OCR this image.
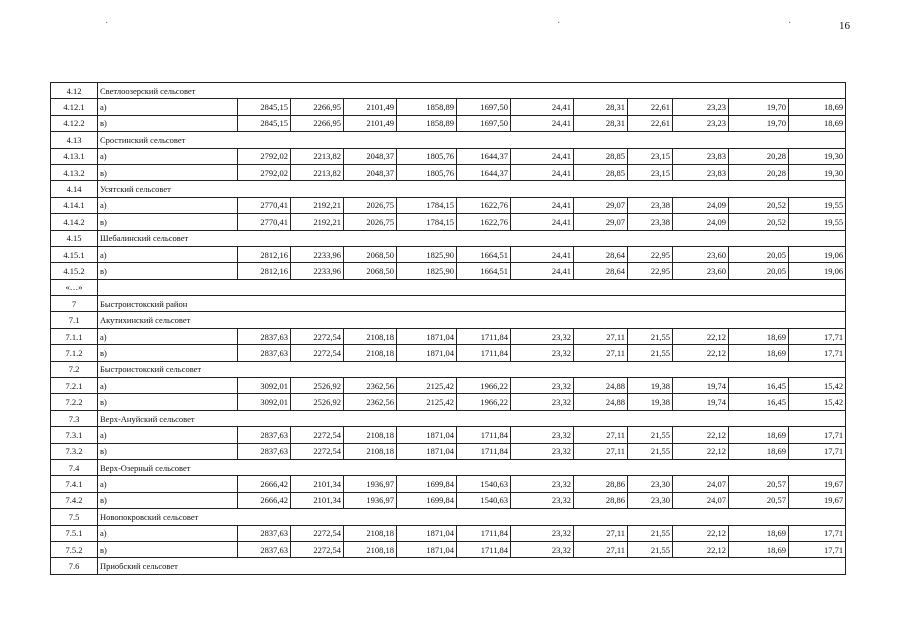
·	·	·	16
4.12	Светлоозерский сельсовет											
4.12.1	а)	2845,15	2266,95	2101,49	1858,89	1697,50	24,41	28,31	22,61	23,23	19,70	18,69
4.12.2	в)	2845,15	2266,95	2101,49	1858,89	1697,50	24,41	28,31	22,61	23,23	19,70	18,69
4.13	Сростинский сельсовет											
4.13.1	а)	2792,02	2213,82	2048,37	1805,76	1644,37	24,41	28,85	23,15	23,83	20,28	19,30
4.13.2	в)	2792,02	2213,82	2048,37	1805,76	1644,37	24,41	28,85	23,15	23,83	20,28	19,30
4.14	Усятский сельсовет											
4.14.1	а)	2770,41	2192,21	2026,75	1784,15	1622,76	24,41	29,07	23,38	24,09	20,52	19,55
4.14.2	в)	2770,41	2192,21	2026,75	1784,15	1622,76	24,41	29,07	23,38	24,09	20,52	19,55
4.15	Шебалинский сельсовет											
4.15.1	а)	2812,16	2233,96	2068,50	1825,90	1664,51	24,41	28,64	22,95	23,60	20,05	19,06
4.15.2	в)	2812,16	2233,96	2068,50	1825,90	1664,51	24,41	28,64	22,95	23,60	20,05	19,06
«…»												
7	Быстроистокский район											
7.1	Акутихинский сельсовет											
7.1.1	а)	2837,63	2272,54	2108,18	1871,04	1711,84	23,32	27,11	21,55	22,12	18,69	17,71
7.1.2	в)	2837,63	2272,54	2108,18	1871,04	1711,84	23,32	27,11	21,55	22,12	18,69	17,71
7.2	Быстроистокский сельсовет											
7.2.1	а)	3092,01	2526,92	2362,56	2125,42	1966,22	23,32	24,88	19,38	19,74	16,45	15,42
7.2.2	в)	3092,01	2526,92	2362,56	2125,42	1966,22	23,32	24,88	19,38	19,74	16,45	15,42
7.3	Верх-Ануйский сельсовет											
7.3.1	а)	2837,63	2272,54	2108,18	1871,04	1711,84	23,32	27,11	21,55	22,12	18,69	17,71
7.3.2	в)	2837,63	2272,54	2108,18	1871,04	1711,84	23,32	27,11	21,55	22,12	18,69	17,71
7.4	Верх-Озерный сельсовет											
7.4.1	а)	2666,42	2101,34	1936,97	1699,84	1540,63	23,32	28,86	23,30	24,07	20,57	19,67
7.4.2	в)	2666,42	2101,34	1936,97	1699,84	1540,63	23,32	28,86	23,30	24,07	20,57	19,67
7.5	Новопокровский сельсовет											
7.5.1	а)	2837,63	2272,54	2108,18	1871,04	1711,84	23,32	27,11	21,55	22,12	18,69	17,71
7.5.2	в)	2837,63	2272,54	2108,18	1871,04	1711,84	23,32	27,11	21,55	22,12	18,69	17,71
7.6	Приобский сельсовет											
